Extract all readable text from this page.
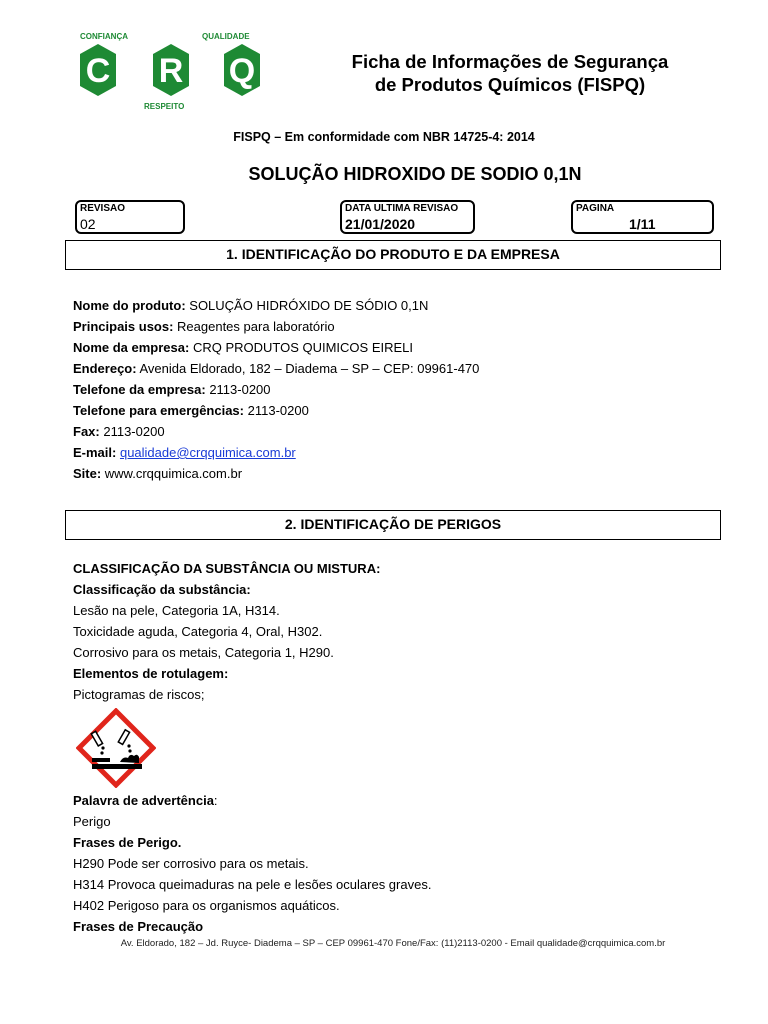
CONFIANÇA	QUALIDADE
C R Q
RESPEITO
Ficha de Informações de Segurança
de Produtos Químicos (FISPQ)
FISPQ – Em conformidade com NBR 14725-4: 2014
SOLUÇÃO HIDROXIDO DE SODIO 0,1N
REVISAO
02
DATA ULTIMA REVISAO
21/01/2020
PAGINA
1/11
1. IDENTIFICAÇÃO DO PRODUTO E DA EMPRESA
Nome do produto: SOLUÇÃO HIDRÓXIDO DE SÓDIO 0,1N
Principais usos: Reagentes para laboratório
Nome da empresa: CRQ PRODUTOS QUIMICOS EIRELI
Endereço: Avenida Eldorado, 182 – Diadema – SP – CEP: 09961-470
Telefone da empresa: 2113-0200
Telefone para emergências: 2113-0200
Fax: 2113-0200
E-mail: qualidade@crqquimica.com.br
Site: www.crqquimica.com.br
2. IDENTIFICAÇÃO DE PERIGOS
CLASSIFICAÇÃO DA SUBSTÂNCIA OU MISTURA:
Classificação da substância:
Lesão na pele, Categoria 1A, H314.
Toxicidade aguda, Categoria 4, Oral, H302.
Corrosivo para os metais, Categoria 1, H290.
Elementos de rotulagem:
Pictogramas de riscos;
Palavra de advertência:
Perigo
Frases de Perigo.
H290 Pode ser corrosivo para os metais.
H314 Provoca queimaduras na pele e lesões oculares graves.
H402 Perigoso para os organismos aquáticos.
Frases de Precaução
Av. Eldorado, 182 – Jd. Ruyce- Diadema – SP – CEP 09961-470 Fone/Fax: (11)2113-0200 - Email qualidade@crqquimica.com.br
